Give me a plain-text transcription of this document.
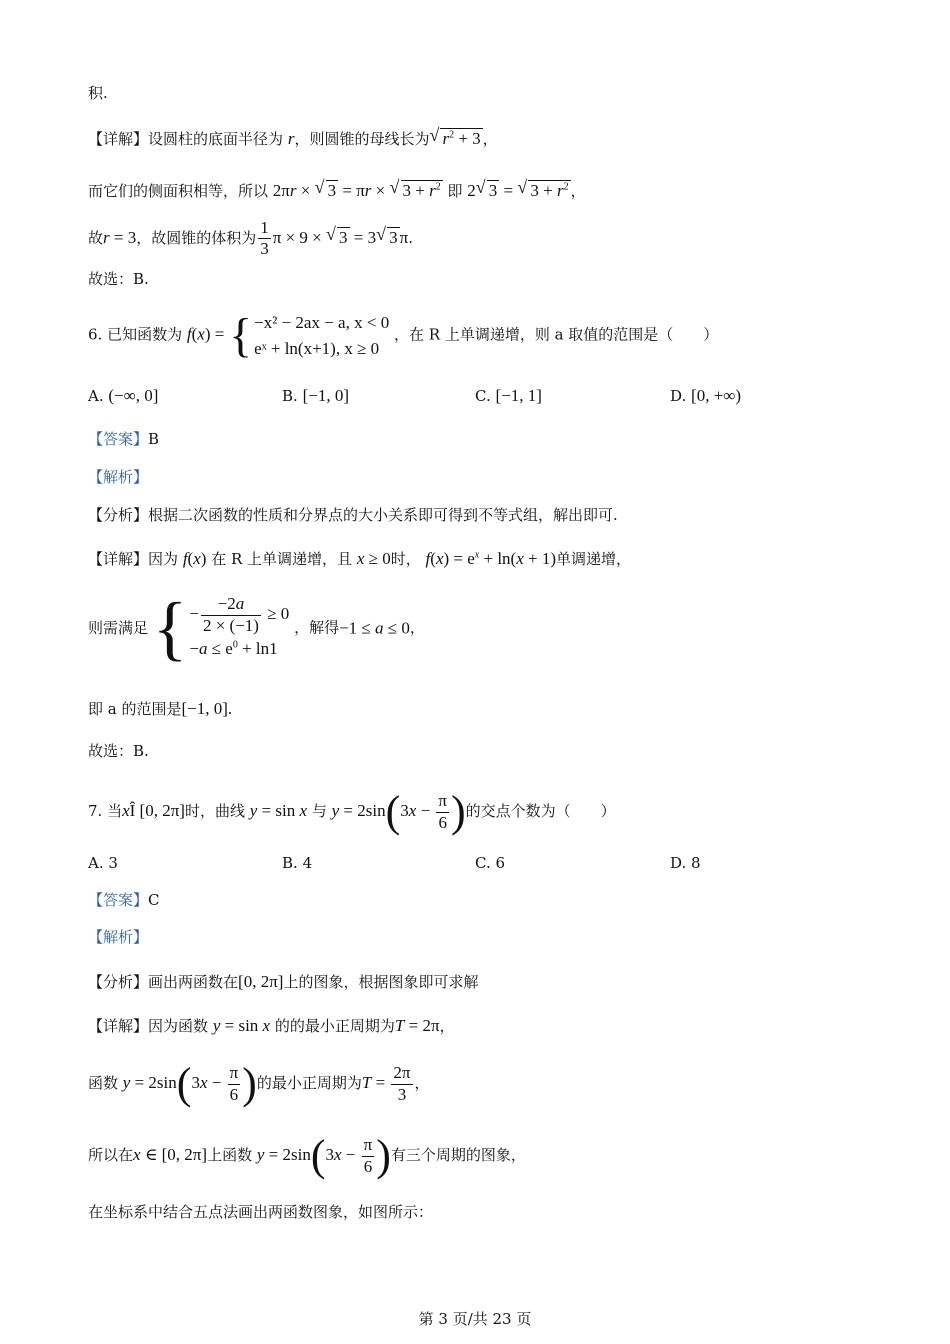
积.
【详解】设圆柱的底面半径为 r，则圆锥的母线长为 √ $r^2 + 3$ ，
而它们的侧面积相等，所以 2πr × √ 3 = πr × √ $3 + r^2$ 即 2 √ 3 = √ $3 + r^2$ ，
故r = 3，故圆锥的体积为 $\frac{1}{3}$ π × 9 × √ 3 = 3 √ 3 π.
故选：B.
6. 已知函数为 f(x) = { −x² − 2ax − a, x < 0
eˣ + ln(x+1), x ≥ 0
，在 R 上单调递增，则 a 取值的范围是（　　）
A. (−∞, 0]	B. [−1, 0]	C. [−1, 1]	D. [0, +∞)
【答案】B
【解析】
【分析】根据二次函数的性质和分界点的大小关系即可得到不等式组，解出即可.
【详解】因为 f(x) 在 R 上单调递增，且 x ≥ 0时， $f(x) = e^x + \ln(x + 1)$单调递增，
则需满足 { − $\frac{-2a}{2 \times (-1)} \ge 0$
$-a \le e^0 + \ln 1$
，解得−1 ≤ a ≤ 0，
即 a 的范围是[−1, 0].
故选：B.
7. 当xÎ [0, 2π]时，曲线 y = sin x 与 $y = 2\sin(3x - \frac{\pi}{6}$ )的交点个数为（　　）
A. 3	B. 4	C. 6	D. 8
【答案】C
【解析】
【分析】画出两函数在[0, 2π]上的图象，根据图象即可求解
【详解】因为函数 y = sin x 的的最小正周期为T = 2π，
函数 $y = 2\sin(3x - \frac{\pi}{6}$ )的最小正周期为$T = \frac{2\pi}{3}$ ，
所以在x ∈ [0, 2π]上函数 $y = 2\sin(3x - \frac{\pi}{6}$ )有三个周期的图象，
在坐标系中结合五点法画出两函数图象，如图所示：
第 3 页/共 23 页
